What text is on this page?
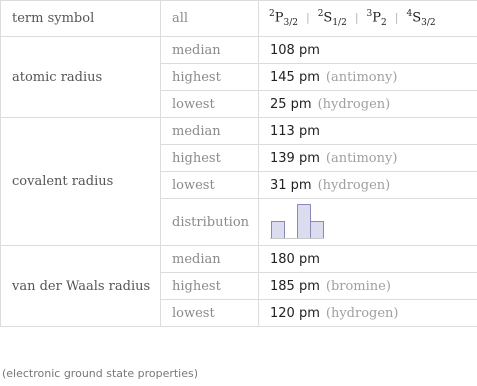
term symbol	all	$^2P_{3/2}$ | $^2S_{1/2}$ | $^3P_2$ | $^4S_{3/2}$
atomic radius	median	108 pm
	highest	145 pm (antimony)
	lowest	25 pm (hydrogen)
covalent radius	median	113 pm
	highest	139 pm (antimony)
	lowest	31 pm (hydrogen)
	distribution	

van der Waals radius	median	180 pm
	highest	185 pm (bromine)
	lowest	120 pm (hydrogen)
(electronic ground state properties)
